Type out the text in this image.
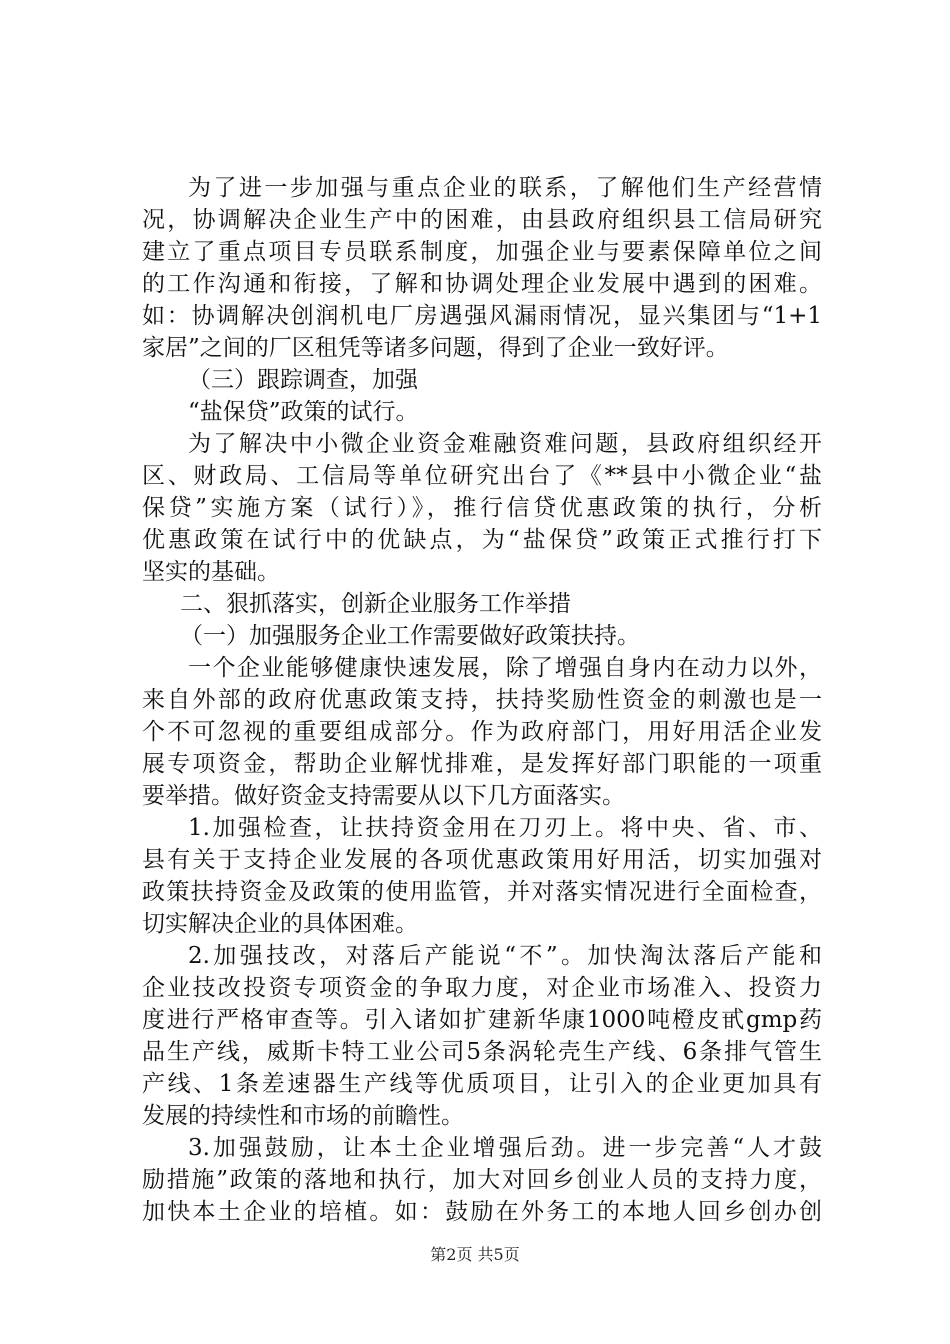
为了进一步加强与重点企业的联系，了解他们生产经营情
况，协调解决企业生产中的困难，由县政府组织县工信局研究
建立了重点项目专员联系制度，加强企业与要素保障单位之间
的工作沟通和衔接，了解和协调处理企业发展中遇到的困难。
如：协调解决创润机电厂房遇强风漏雨情况，显兴集团与“1+1
家居”之间的厂区租凭等诸多问题，得到了企业一致好评。
（三）跟踪调查，加强
“盐保贷”政策的试行。
为了解决中小微企业资金难融资难问题，县政府组织经开
区、财政局、工信局等单位研究出台了《**县中小微企业“盐
保贷”实施方案（试行）》，推行信贷优惠政策的执行，分析
优惠政策在试行中的优缺点，为“盐保贷”政策正式推行打下
坚实的基础。
二、狠抓落实，创新企业服务工作举措
（一）加强服务企业工作需要做好政策扶持。
一个企业能够健康快速发展，除了增强自身内在动力以外，
来自外部的政府优惠政策支持，扶持奖励性资金的刺激也是一
个不可忽视的重要组成部分。作为政府部门，用好用活企业发
展专项资金，帮助企业解忧排难，是发挥好部门职能的一项重
要举措。做好资金支持需要从以下几方面落实。
1.加强检查，让扶持资金用在刀刃上。将中央、省、市、
县有关于支持企业发展的各项优惠政策用好用活，切实加强对
政策扶持资金及政策的使用监管，并对落实情况进行全面检查，
切实解决企业的具体困难。
2.加强技改，对落后产能说“不”。加快淘汰落后产能和
企业技改投资专项资金的争取力度，对企业市场准入、投资力
度进行严格审查等。引入诸如扩建新华康1000吨橙皮甙gmp药
品生产线，威斯卡特工业公司5条涡轮壳生产线、6条排气管生
产线、1条差速器生产线等优质项目，让引入的企业更加具有
发展的持续性和市场的前瞻性。
3.加强鼓励，让本土企业增强后劲。进一步完善“人才鼓
励措施”政策的落地和执行，加大对回乡创业人员的支持力度，
加快本土企业的培植。如：鼓励在外务工的本地人回乡创办创
第2页 共5页
